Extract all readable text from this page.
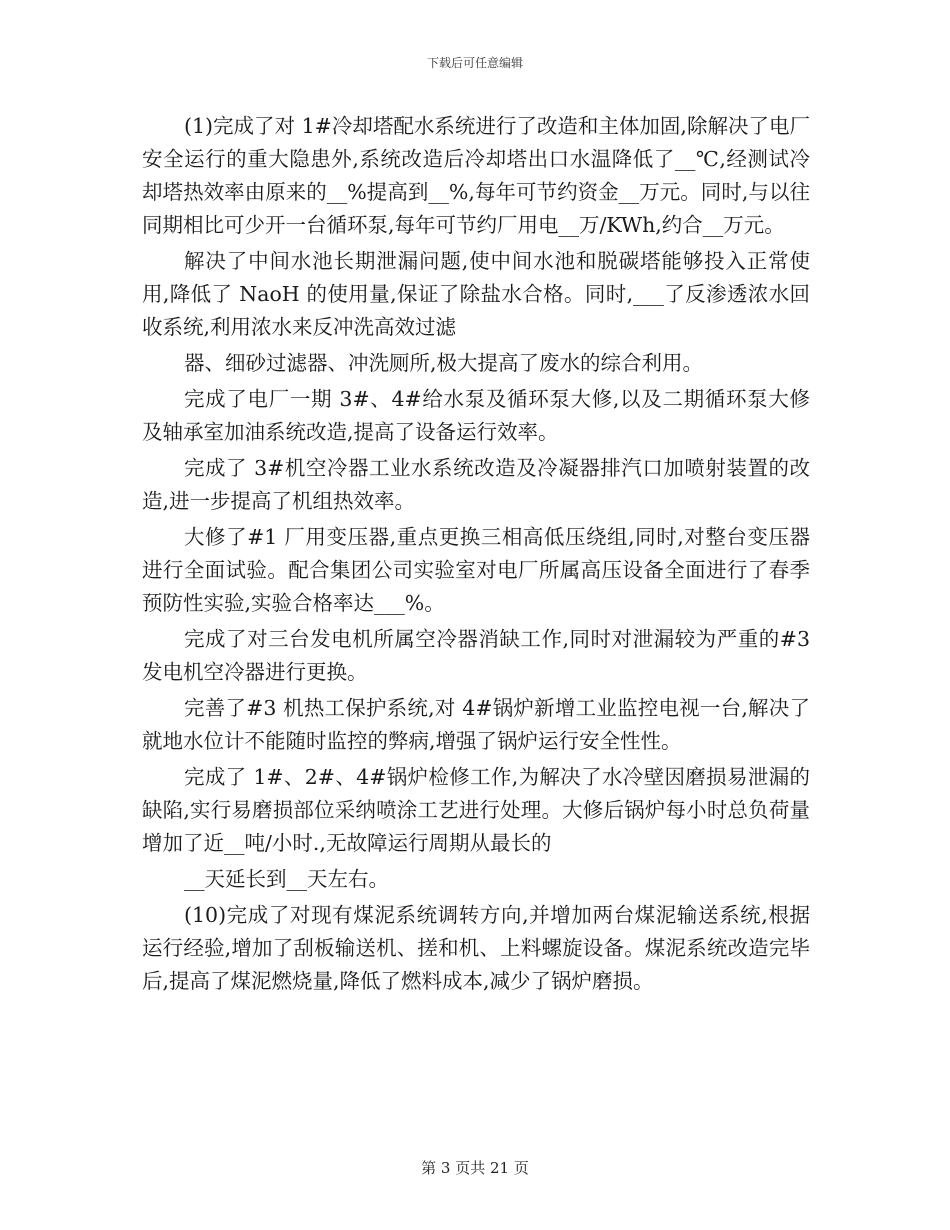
下载后可任意编辑

(1)完成了对 1#冷却塔配水系统进行了改造和主体加固,除解决了电厂安全运行的重大隐患外,系统改造后冷却塔出口水温降低了__℃,经测试冷却塔热效率由原来的__%提高到__%,每年可节约资金__万元。同时,与以往同期相比可少开一台循环泵,每年可节约厂用电__万/KWh,约合__万元。

解决了中间水池长期泄漏问题,使中间水池和脱碳塔能够投入正常使用,降低了 NaoH 的使用量,保证了除盐水合格。同时,___了反渗透浓水回收系统,利用浓水来反冲洗高效过滤

器、细砂过滤器、冲洗厕所,极大提高了废水的综合利用。

完成了电厂一期 3#、4#给水泵及循环泵大修,以及二期循环泵大修及轴承室加油系统改造,提高了设备运行效率。

完成了 3#机空冷器工业水系统改造及冷凝器排汽口加喷射装置的改造,进一步提高了机组热效率。

大修了#1 厂用变压器,重点更换三相高低压绕组,同时,对整台变压器进行全面试验。配合集团公司实验室对电厂所属高压设备全面进行了春季预防性实验,实验合格率达___%。

完成了对三台发电机所属空冷器消缺工作,同时对泄漏较为严重的#3 发电机空冷器进行更换。

完善了#3 机热工保护系统,对 4#锅炉新增工业监控电视一台,解决了就地水位计不能随时监控的弊病,增强了锅炉运行安全性性。

完成了 1#、2#、4#锅炉检修工作,为解决了水冷壁因磨损易泄漏的缺陷,实行易磨损部位采纳喷涂工艺进行处理。大修后锅炉每小时总负荷量增加了近__吨/小时.,无故障运行周期从最长的

__天延长到__天左右。

(10)完成了对现有煤泥系统调转方向,并增加两台煤泥输送系统,根据运行经验,增加了刮板输送机、搓和机、上料螺旋设备。煤泥系统改造完毕后,提高了煤泥燃烧量,降低了燃料成本,减少了锅炉磨损。

第 3 页共 21 页
